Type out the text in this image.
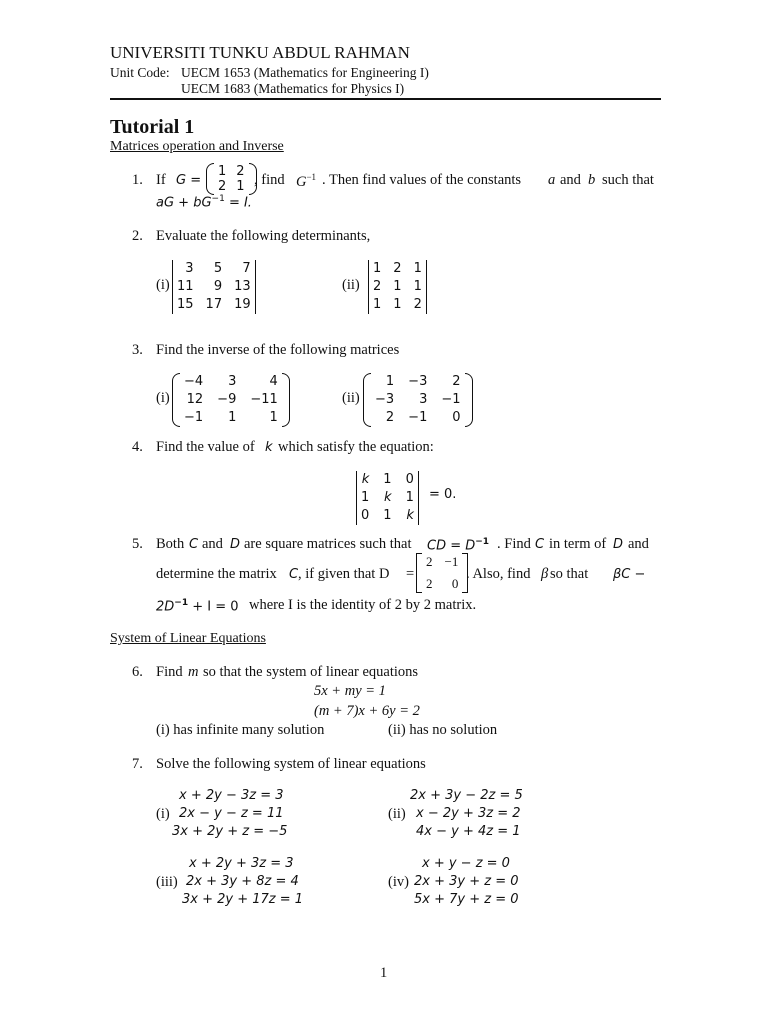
UNIVERSITI TUNKU ABDUL RAHMAN
Unit Code: UECM 1653 (Mathematics for Engineering I)
UECM 1683 (Mathematics for Physics I)
Tutorial 1
Matrices operation and Inverse
1. If G =
1 2
2 1 , find $G^{-1}$ . Then find values of the constants a and b such that
aG + $bG^{-1} = I$.
2. Evaluate the following determinants,
(i)
3	5	7
11	9 13
15 17 19
(ii)
1 2 1
2 1 1
1 1 2
3. Find the inverse of the following matrices
(i)
−4	3	4
12 −9 −11
−1	1	1
(ii)
1 −3	2
−3	3 −1
2 −1	0
4. Find the value of k which satisfy the equation:
k 1 0
1 k 1
0 1 k
= 0.
5. Both C and D are square matrices such that CD = $D^{-1}$ . Find C in term of D and
determine the matrix C , if given that D =
2 −1
2	0
. Also, find β so that βC −
$2D^{-1} + I = 0$ where I is the identity of 2 by 2 matrix.
System of Linear Equations
6. Find m so that the system of linear equations
5x + my = 1
(m + 7)x + 6y = 2
(i) has infinite many solution	(ii) has no solution
7. Solve the following system of linear equations
(i)
x + 2y − 3z = 3
2x − y − z = 11
3x + 2y + z = −5
(ii)
2x + 3y − 2z = 5
x − 2y + 3z = 2
4x − y + 4z = 1
(iii)
x + 2y + 3z = 3
2x + 3y + 8z = 4
3x + 2y + 17z = 1
(iv)
x + y − z = 0
2x + 3y + z = 0
5x + 7y + z = 0
1
